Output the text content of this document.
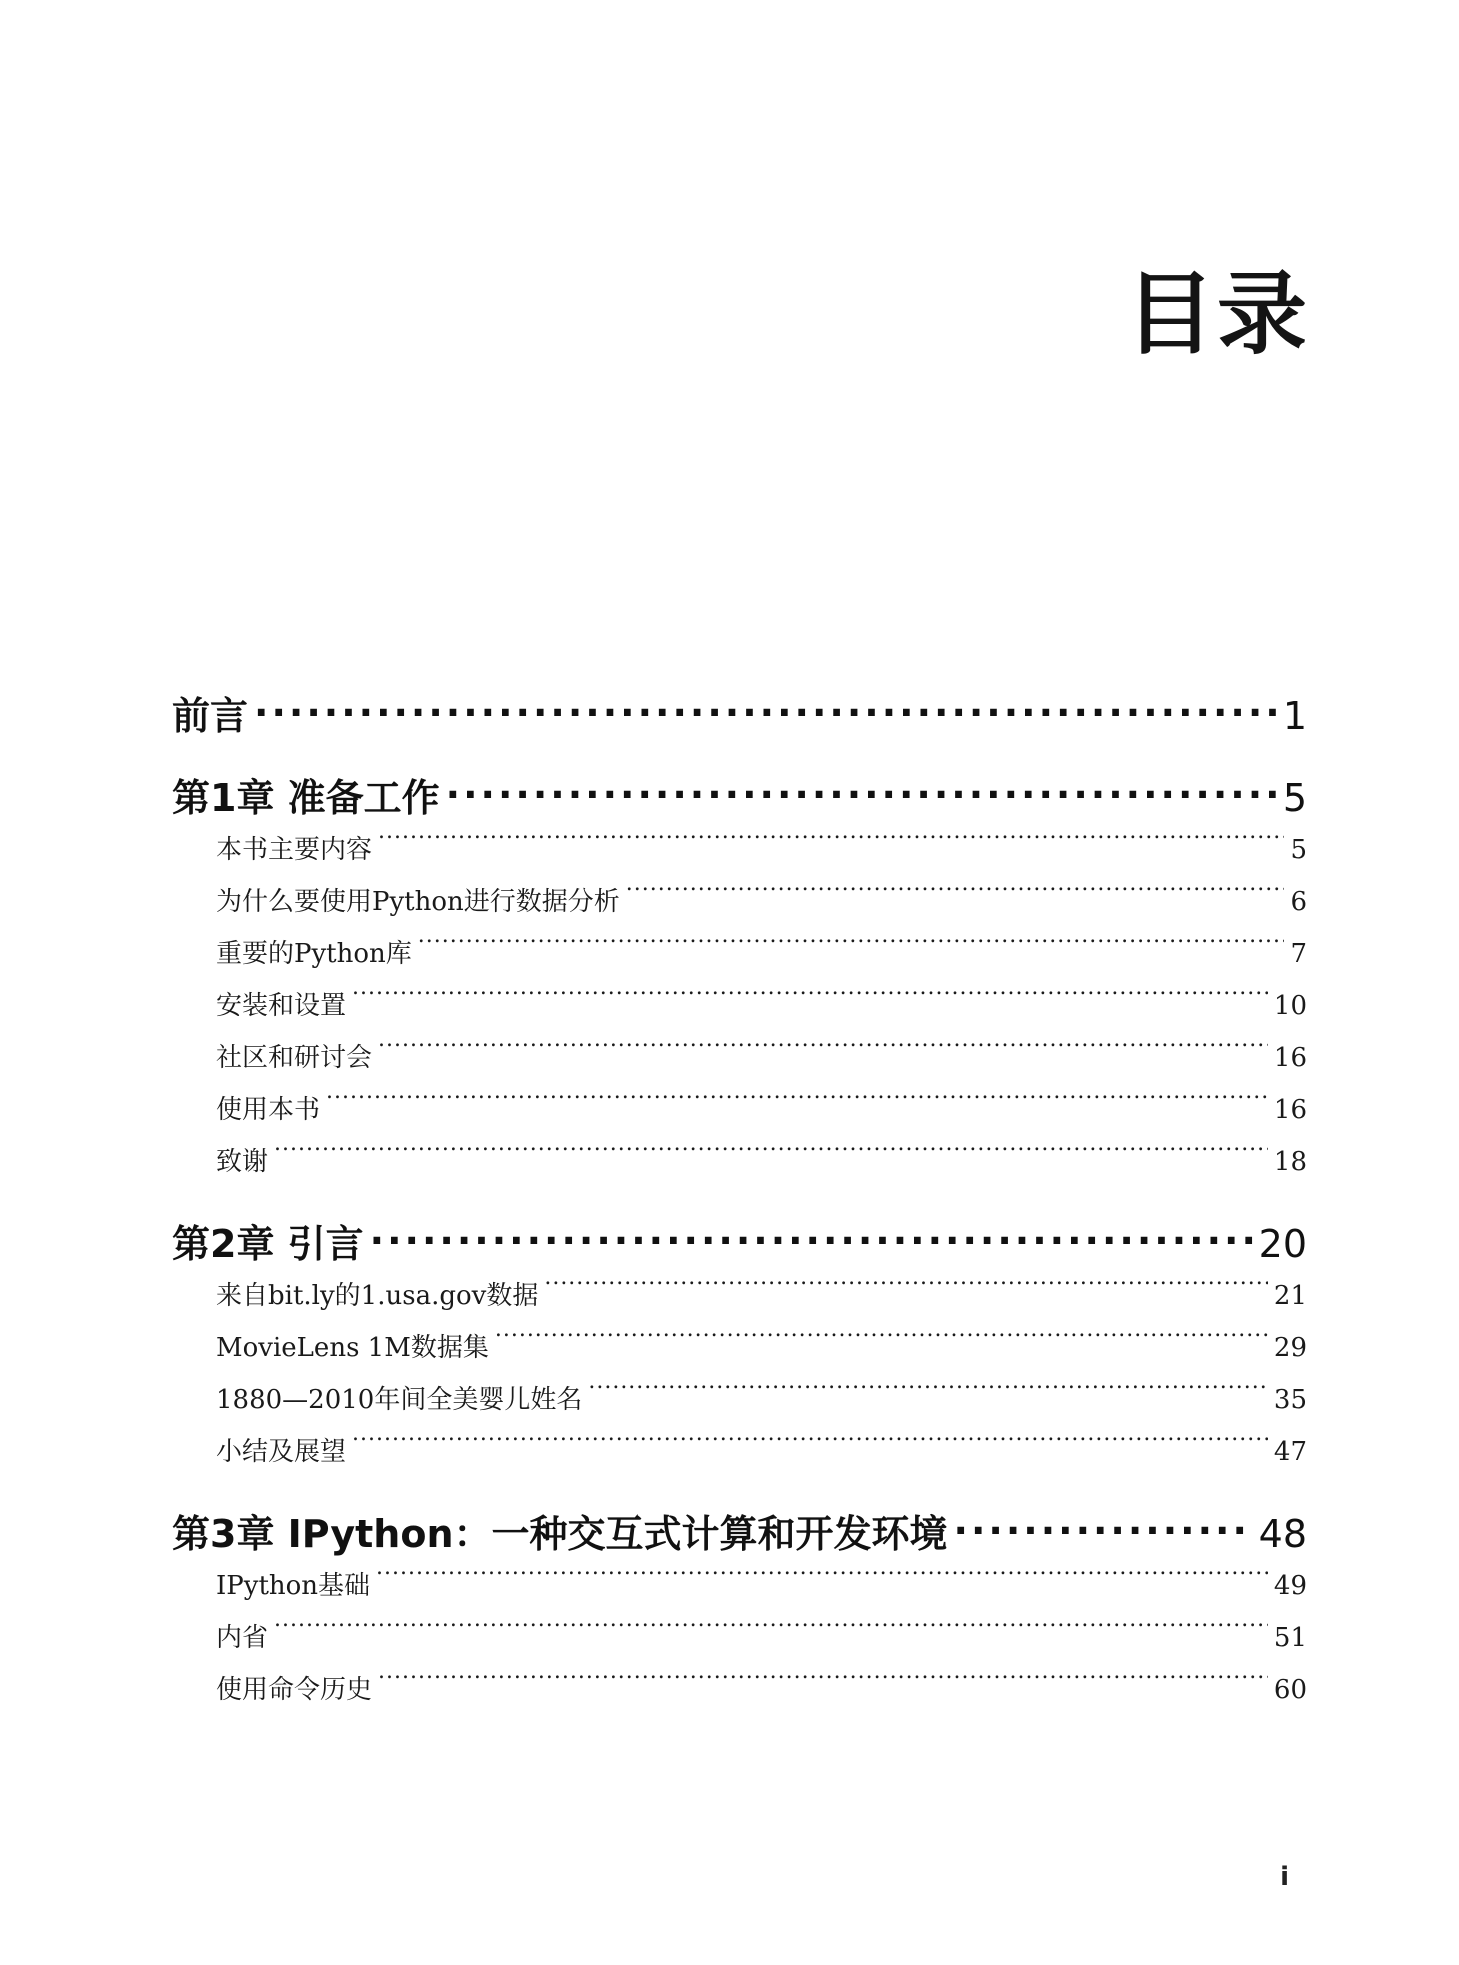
目录
前言 .....	1
第1章 准备工作 .....	5
本书主要内容 .....	5
为什么要使用Python进行数据分析 .....	6
重要的Python库 .....	7
安装和设置 .....	10
社区和研讨会 .....	16
使用本书 .....	16
致谢 .....	18
第2章 引言 .....	20
来自bit.ly的1.usa.gov数据 .....	21
MovieLens 1M数据集 .....	29
1880—2010年间全美婴儿姓名 .....	35
小结及展望 .....	47
第3章 IPython：一种交互式计算和开发环境 .....	48
IPython基础 .....	49
内省 .....	51
使用命令历史 .....	60
i
